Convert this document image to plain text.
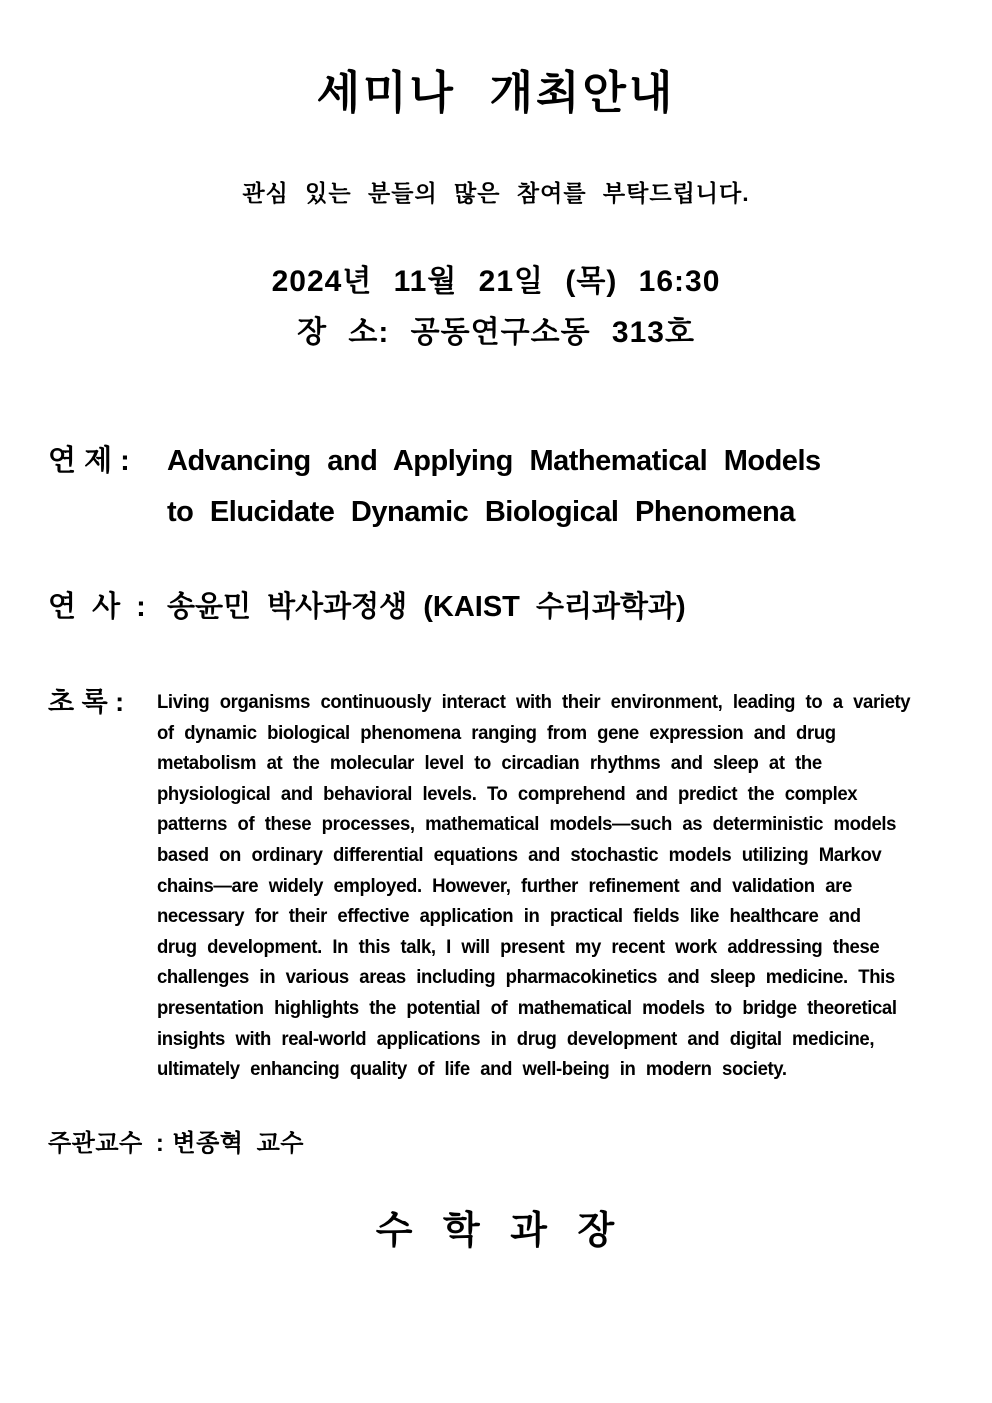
세미나 개최안내
관심 있는 분들의 많은 참여를 부탁드립니다.
2024년 11월 21일 (목) 16:30
장 소: 공동연구소동 313호
연 제 : Advancing and Applying Mathematical Models
to Elucidate Dynamic Biological Phenomena
연 사 : 송윤민 박사과정생 (KAIST 수리과학과)
초 록 :	Living organisms continuously interact with their environment, leading to a variety
of dynamic biological phenomena ranging from gene expression and drug
metabolism at the molecular level to circadian rhythms and sleep at the
physiological and behavioral levels. To comprehend and predict the complex
patterns of these processes, mathematical models—such as deterministic models
based on ordinary differential equations and stochastic models utilizing Markov
chains—are widely employed. However, further refinement and validation are
necessary for their effective application in practical fields like healthcare and
drug development. In this talk, I will present my recent work addressing these
challenges in various areas including pharmacokinetics and sleep medicine. This
presentation highlights the potential of mathematical models to bridge theoretical
insights with real-world applications in drug development and digital medicine,
ultimately enhancing quality of life and well-being in modern society.
주관교수 : 변종혁 교수
수 학 과 장
